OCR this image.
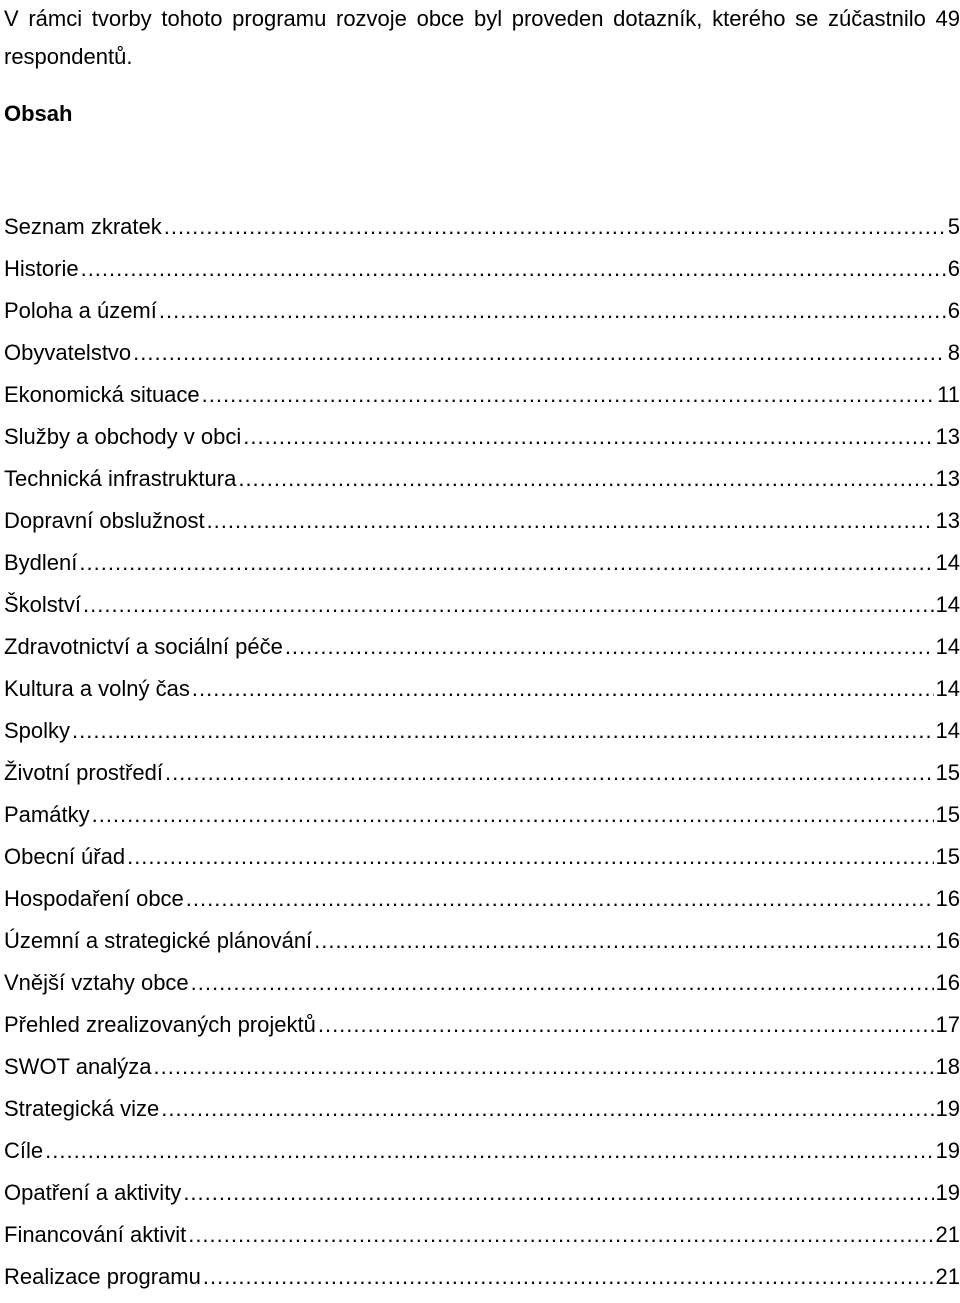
V rámci tvorby tohoto programu rozvoje obce byl proveden dotazník, kterého se zúčastnilo 49 respondentů.

Obsah
Seznam zkratek .....	5
Historie .....	6
Poloha a území .....	6
Obyvatelstvo .....	8
Ekonomická situace .....	11
Služby a obchody v obci .....	13
Technická infrastruktura .....	13
Dopravní obslužnost .....	13
Bydlení .....	14
Školství .....	14
Zdravotnictví a sociální péče .....	14
Kultura a volný čas .....	14
Spolky .....	14
Životní prostředí .....	15
Památky .....	15
Obecní úřad .....	15
Hospodaření obce .....	16
Územní a strategické plánování .....	16
Vnější vztahy obce .....	16
Přehled zrealizovaných projektů .....	17
SWOT analýza .....	18
Strategická vize .....	19
Cíle .....	19
Opatření a aktivity .....	19
Financování aktivit .....	21
Realizace programu .....	21
